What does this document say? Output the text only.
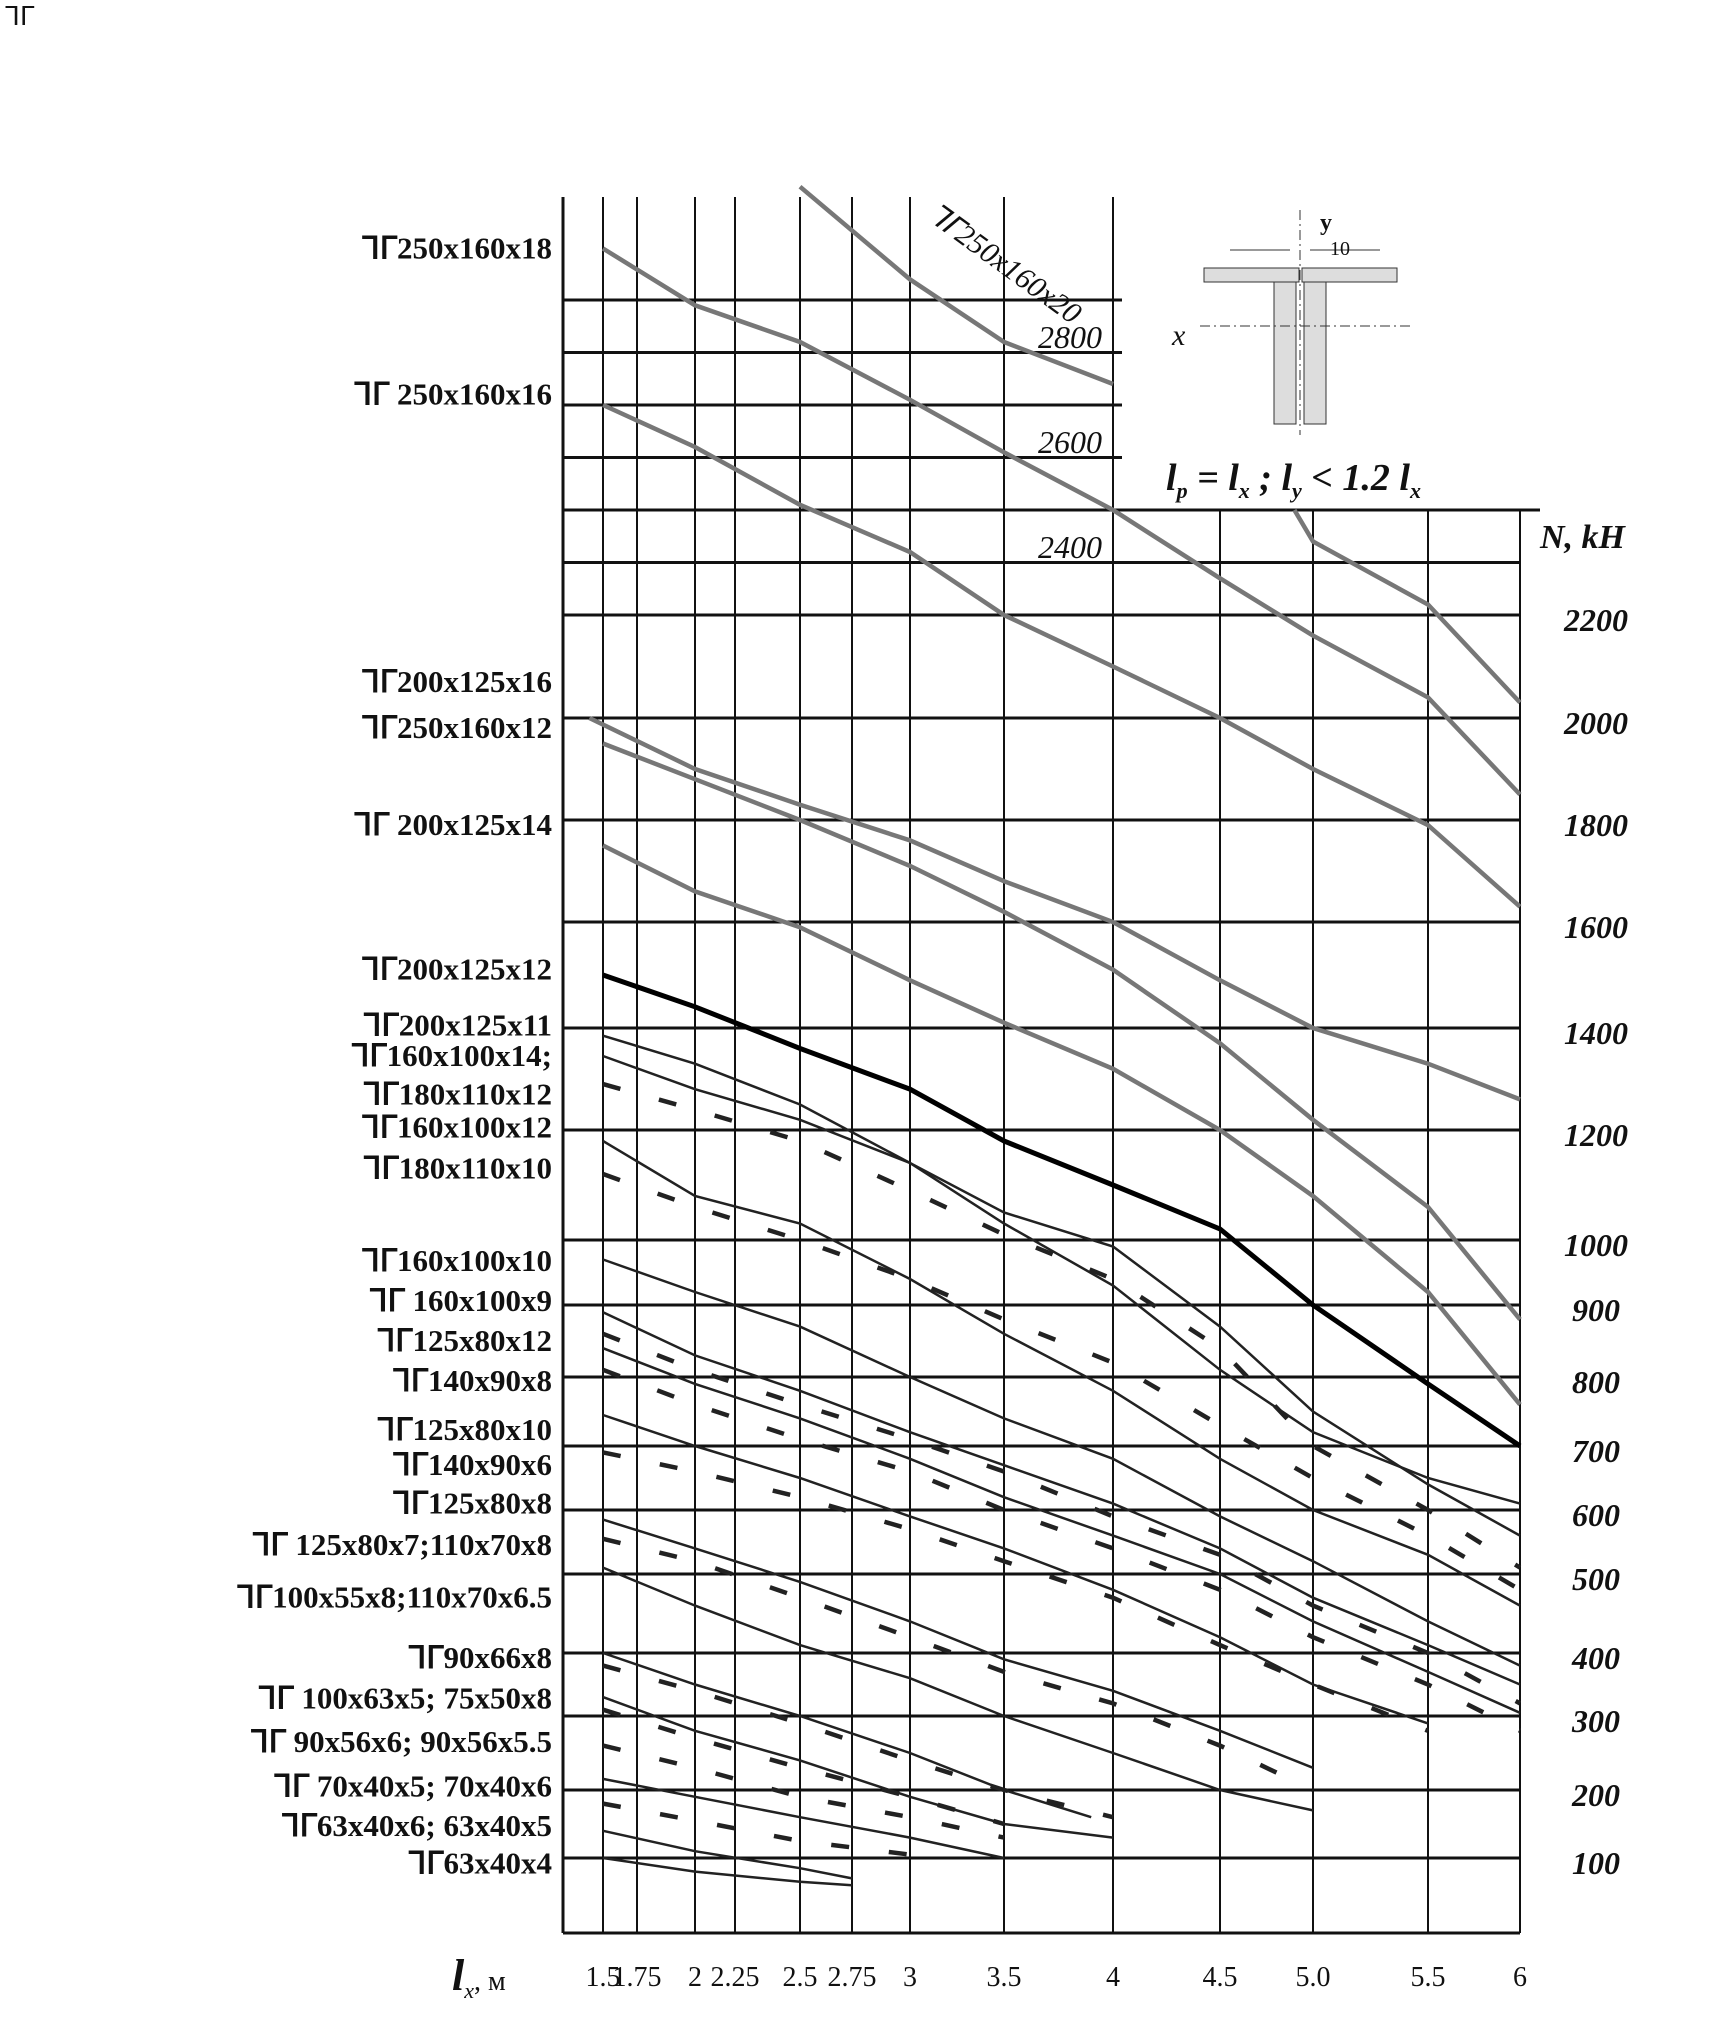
ᒣᒥ
ᒣᒥ250x160x18
ᒣᒥ 250x160x16
ᒣᒥ200x125x16
ᒣᒥ250x160x12
ᒣᒥ 200x125x14
ᒣᒥ200x125x12
ᒣᒥ200x125x11
ᒣᒥ160x100x14;
ᒣᒥ180x110x12
ᒣᒥ160x100x12
ᒣᒥ180x110x10
ᒣᒥ160x100x10
ᒣᒥ 160x100x9
ᒣᒥ125x80x12
ᒣᒥ140x90x8
ᒣᒥ125x80x10
ᒣᒥ140x90x6
ᒣᒥ125x80x8
ᒣᒥ 125x80x7;110x70x8
ᒣᒥ100x55x8;110x70x6.5
ᒣᒥ90x66x8
ᒣᒥ 100x63x5; 75x50x8
ᒣᒥ 90x56x6; 90x56x5.5
ᒣᒥ 70x40x5; 70x40x6
ᒣᒥ63x40x6; 63x40x5
ᒣᒥ63x40x4
1.5
1.75 2 2.25 2.5 2.75 3 3.5	4	4.5 5.0	5.5 6
100
200
300
400
500
600
700
800
900
1000
1200
1400
1600
1800
2000
2200
2400
2600
2800 x
y
10
ᒣᒥ250x160x20
$l_p = l_x$ ; $l_y < 1.2$ $l_x$
N, kH
lx, м
